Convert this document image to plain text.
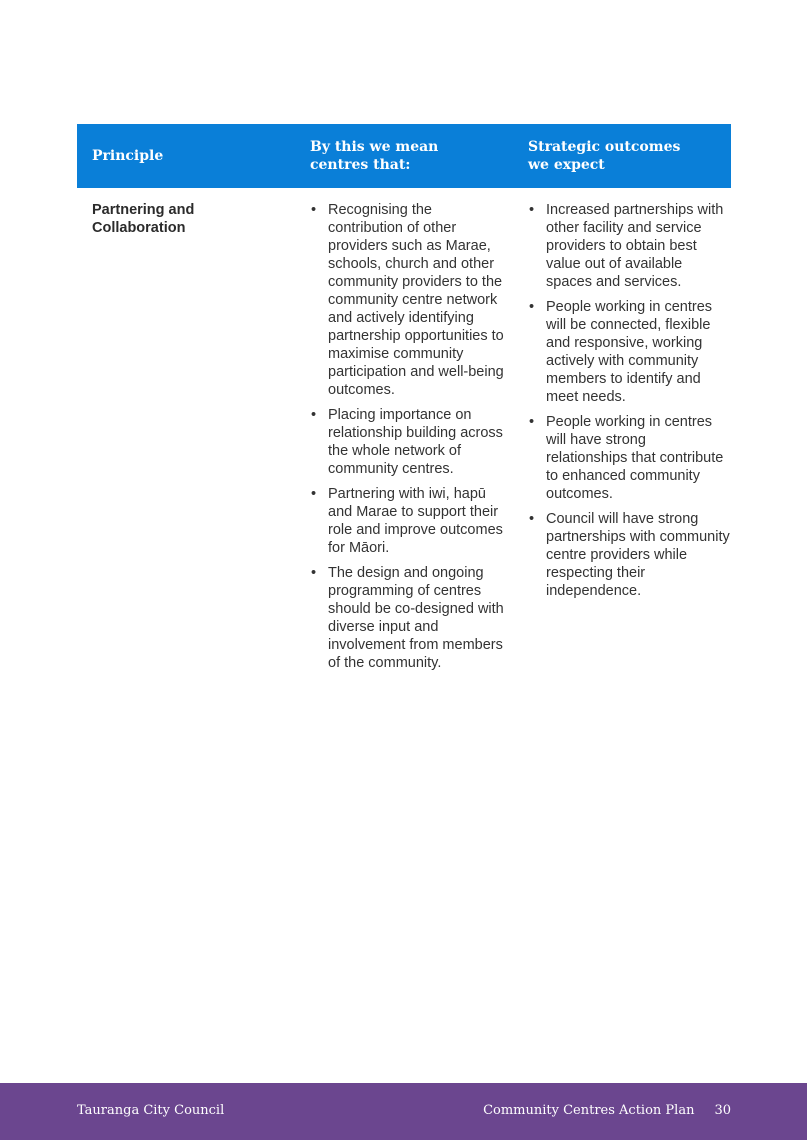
Principle
By this we mean
centres that:
Strategic outcomes
we expect
Partnering and Collaboration
• Recognising the contribution of other providers such as Marae, schools, church and other community providers to the community centre network and actively identifying partnership opportunities to maximise community participation and well-being outcomes.
• Placing importance on relationship building across the whole network of community centres.
• Partnering with iwi, hapū and Marae to support their role and improve outcomes for Māori.
• The design and ongoing programming of centres should be co-designed with diverse input and involvement from members of the community.
• Increased partnerships with other facility and service providers to obtain best value out of available spaces and services.
• People working in centres will be connected, flexible and responsive, working actively with community members to identify and meet needs.
• People working in centres will have strong relationships that contribute to enhanced community outcomes.
• Council will have strong partnerships with community centre providers while respecting their independence.
Tauranga City Council	Community Centres Action Plan 30
